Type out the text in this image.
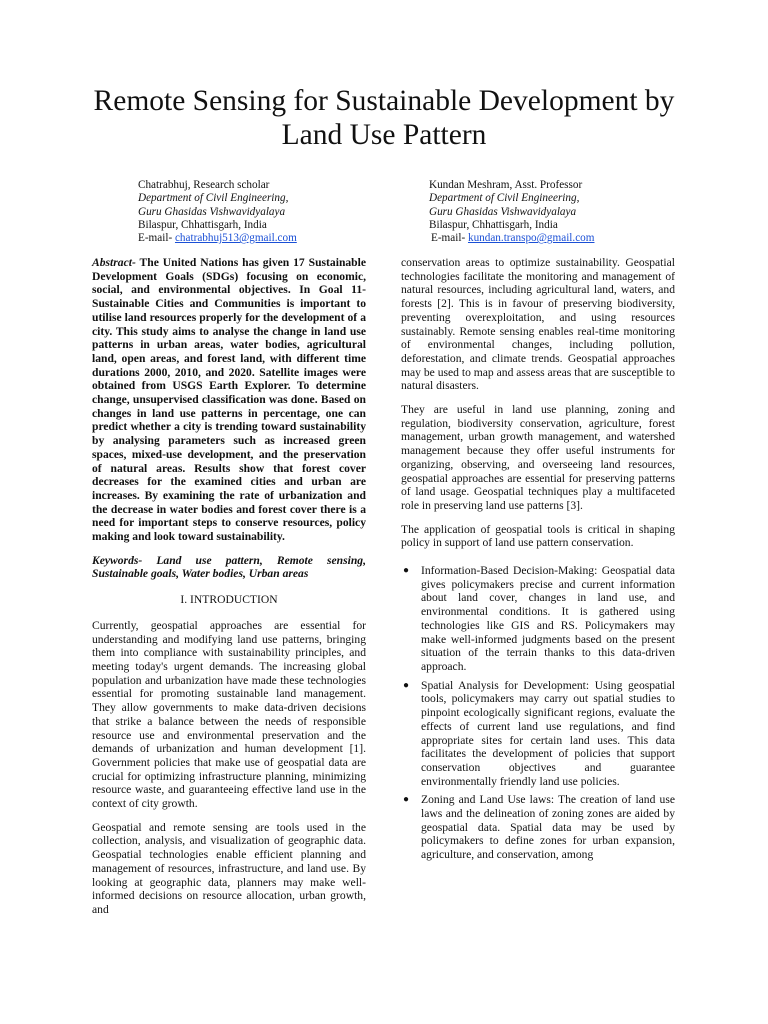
Remote Sensing for Sustainable Development by Land Use Pattern
Chatrabhuj, Research scholar
Department of Civil Engineering,
Guru Ghasidas Vishwavidyalaya
Bilaspur, Chhattisgarh, India
E-mail- chatrabhuj513@gmail.com
Kundan Meshram, Asst. Professor
Department of Civil Engineering,
Guru Ghasidas Vishwavidyalaya
Bilaspur, Chhattisgarh, India
E-mail- kundan.transpo@gmail.com

Abstract- The United Nations has given 17 Sustainable Development Goals (SDGs) focusing on economic, social, and environmental objectives. In Goal 11- Sustainable Cities and Communities is important to utilise land resources properly for the development of a city. This study aims to analyse the change in land use patterns in urban areas, water bodies, agricultural land, open areas, and forest land, with different time durations 2000, 2010, and 2020. Satellite images were obtained from USGS Earth Explorer. To determine change, unsupervised classification was done. Based on changes in land use patterns in percentage, one can predict whether a city is trending toward sustainability by analysing parameters such as increased green spaces, mixed-use development, and the preservation of natural areas. Results show that forest cover decreases for the examined cities and urban are increases. By examining the rate of urbanization and the decrease in water bodies and forest cover there is a need for important steps to conserve resources, policy making and look toward sustainability.

Keywords- Land use pattern, Remote sensing, Sustainable goals, Water bodies, Urban areas

I. INTRODUCTION

Currently, geospatial approaches are essential for understanding and modifying land use patterns, bringing them into compliance with sustainability principles, and meeting today's urgent demands. The increasing global population and urbanization have made these technologies essential for promoting sustainable land management. They allow governments to make data-driven decisions that strike a balance between the needs of responsible resource use and environmental preservation and the demands of urbanization and human development [1]. Government policies that make use of geospatial data are crucial for optimizing infrastructure planning, minimizing resource waste, and guaranteeing effective land use in the context of city growth.

Geospatial and remote sensing are tools used in the collection, analysis, and visualization of geographic data. Geospatial technologies enable efficient planning and management of resources, infrastructure, and land use. By looking at geographic data, planners may make well-informed decisions on resource allocation, urban growth, and

conservation areas to optimize sustainability. Geospatial technologies facilitate the monitoring and management of natural resources, including agricultural land, waters, and forests [2]. This is in favour of preserving biodiversity, preventing overexploitation, and using resources sustainably. Remote sensing enables real-time monitoring of environmental changes, including pollution, deforestation, and climate trends. Geospatial approaches may be used to map and assess areas that are susceptible to natural disasters.

They are useful in land use planning, zoning and regulation, biodiversity conservation, agriculture, forest management, urban growth management, and watershed management because they offer useful instruments for organizing, observing, and overseeing land resources, geospatial approaches are essential for preserving patterns of land usage. Geospatial techniques play a multifaceted role in preserving land use patterns [3].

The application of geospatial tools is critical in shaping policy in support of land use pattern conservation.

● Information-Based Decision-Making: Geospatial data gives policymakers precise and current information about land cover, changes in land use, and environmental conditions. It is gathered using technologies like GIS and RS. Policymakers may make well-informed judgments based on the present situation of the terrain thanks to this data-driven approach.
● Spatial Analysis for Development: Using geospatial tools, policymakers may carry out spatial studies to pinpoint ecologically significant regions, evaluate the effects of current land use regulations, and find appropriate sites for certain land uses. This data facilitates the development of policies that support conservation objectives and guarantee environmentally friendly land use policies.
● Zoning and Land Use laws: The creation of land use laws and the delineation of zoning zones are aided by geospatial data. Spatial data may be used by policymakers to define zones for urban expansion, agriculture, and conservation, among
